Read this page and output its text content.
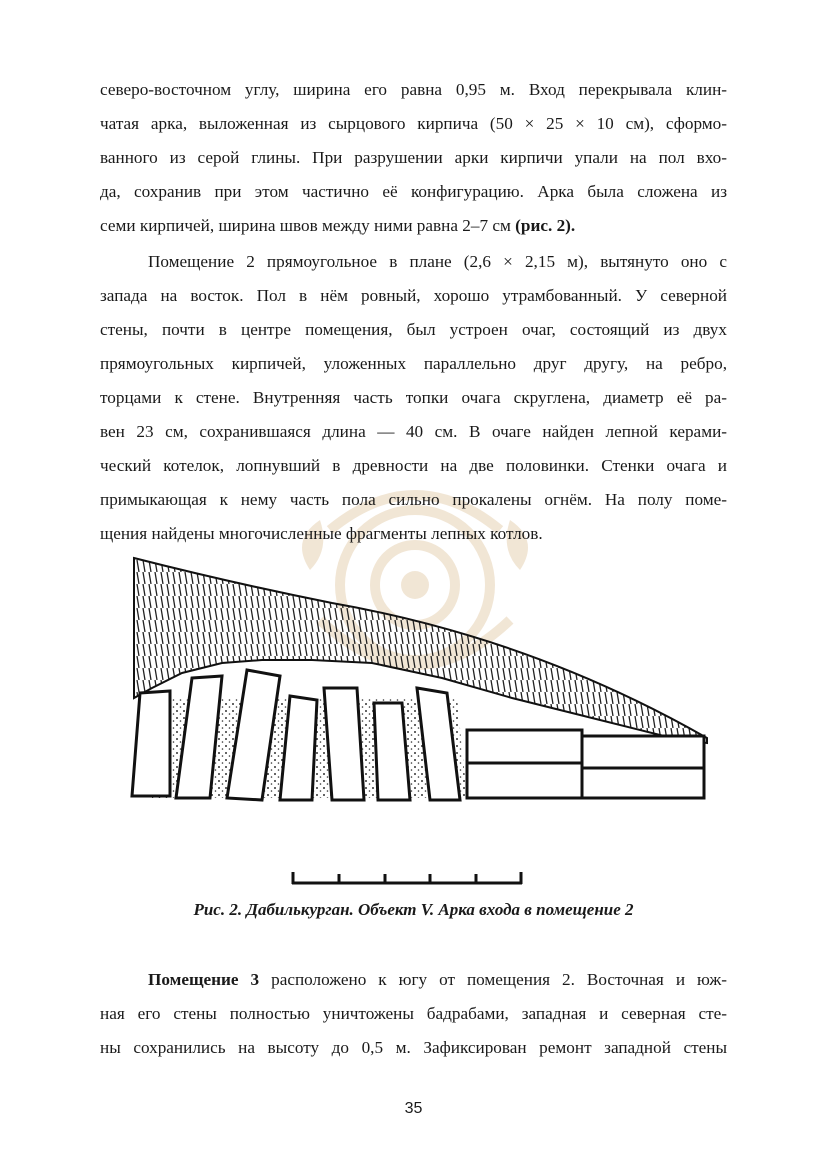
северо-восточном углу, ширина его равна 0,95 м. Вход перекрывала клин-
чатая арка, выложенная из сырцового кирпича (50 × 25 × 10 см), сформо-
ванного из серой глины. При разрушении арки кирпичи упали на пол вхо-
да, сохранив при этом частично её конфигурацию. Арка была сложена из
семи кирпичей, ширина швов между ними равна 2–7 см (рис. 2).
Помещение 2 прямоугольное в плане (2,6 × 2,15 м), вытянуто оно с
запада на восток. Пол в нём ровный, хорошо утрамбованный. У северной
стены, почти в центре помещения, был устроен очаг, состоящий из двух
прямоугольных кирпичей, уложенных параллельно друг другу, на ребро,
торцами к стене. Внутренняя часть топки очага скруглена, диаметр её ра-
вен 23 см, сохранившаяся длина — 40 см. В очаге найден лепной керами-
ческий котелок, лопнувший в древности на две половинки. Стенки очага и
примыкающая к нему часть пола сильно прокалены огнём. На полу поме-
щения найдены многочисленные фрагменты лепных котлов.
Рис. 2. Дабилькурган. Объект V. Арка входа в помещение 2
Помещение 3 расположено к югу от помещения 2. Восточная и юж-
ная его стены полностью уничтожены бадрабами, западная и северная сте-
ны сохранились на высоту до 0,5 м. Зафиксирован ремонт западной стены
35
